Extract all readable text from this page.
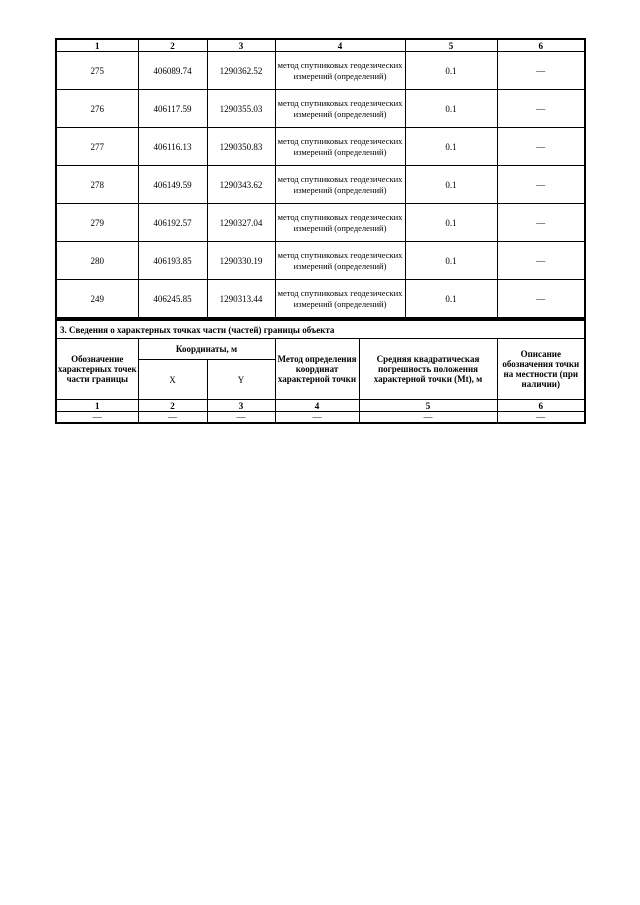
1	2	3	4	5	6
275	406089.74	1290362.52	метод спутниковых геодезических измерений (определений)	0.1	—
276	406117.59	1290355.03	метод спутниковых геодезических измерений (определений)	0.1	—
277	406116.13	1290350.83	метод спутниковых геодезических измерений (определений)	0.1	—
278	406149.59	1290343.62	метод спутниковых геодезических измерений (определений)	0.1	—
279	406192.57	1290327.04	метод спутниковых геодезических измерений (определений)	0.1	—
280	406193.85	1290330.19	метод спутниковых геодезических измерений (определений)	0.1	—
249	406245.85	1290313.44	метод спутниковых геодезических измерений (определений)	0.1	—
3. Сведения о характерных точках части (частей) границы объекта					
Обозначение характерных точек части границы	Координаты, м		Метод определения координат характерной точки	Средняя квадратическая погрешность положения характерной точки (Mt), м	Описание обозначения точки на местности (при наличии)
	X	Y			
1	2	3	4	5	6
—	—	—	—	—	—
